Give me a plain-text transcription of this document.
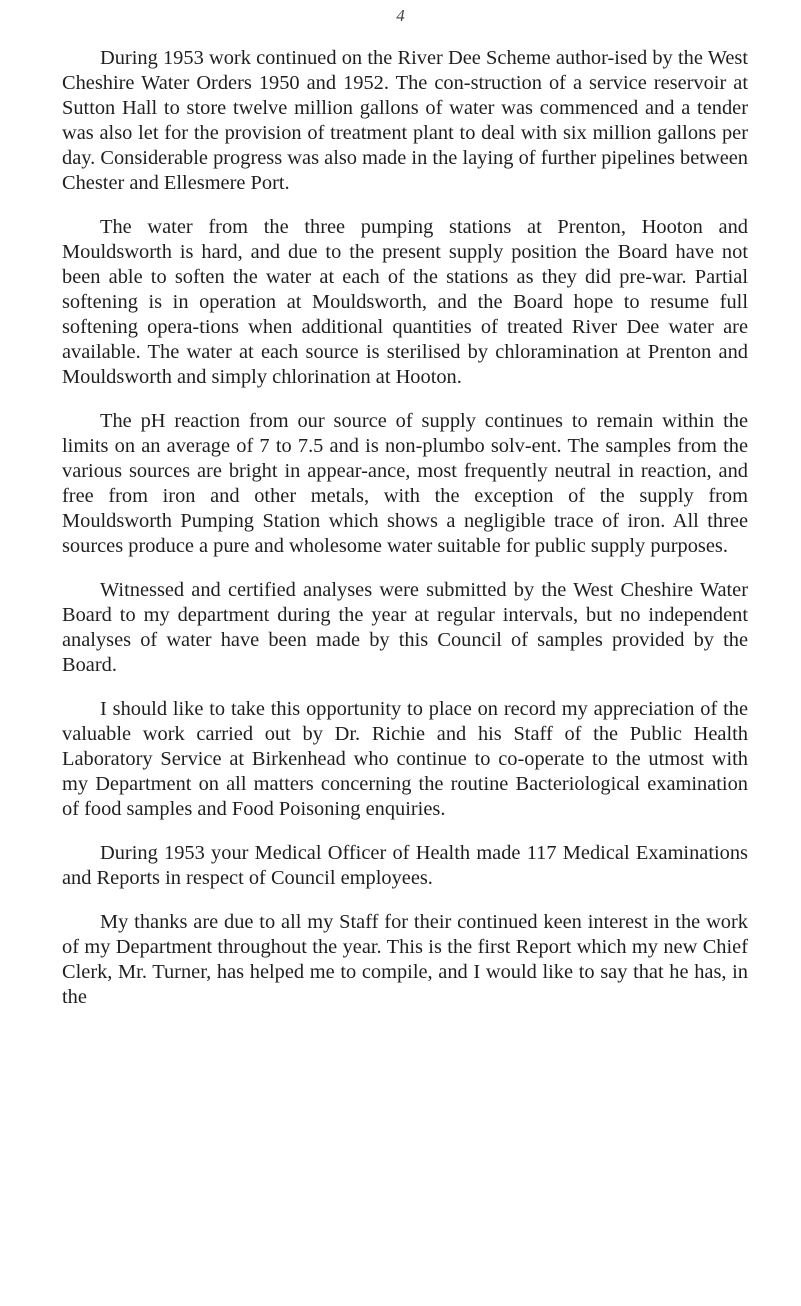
4

During 1953 work continued on the River Dee Scheme author-ised by the West Cheshire Water Orders 1950 and 1952. The con-struction of a service reservoir at Sutton Hall to store twelve million gallons of water was commenced and a tender was also let for the provision of treatment plant to deal with six million gallons per day. Considerable progress was also made in the laying of further pipelines between Chester and Ellesmere Port.

The water from the three pumping stations at Prenton, Hooton and Mouldsworth is hard, and due to the present supply position the Board have not been able to soften the water at each of the stations as they did pre-war. Partial softening is in operation at Mouldsworth, and the Board hope to resume full softening opera-tions when additional quantities of treated River Dee water are available. The water at each source is sterilised by chloramination at Prenton and Mouldsworth and simply chlorination at Hooton.

The pH reaction from our source of supply continues to remain within the limits on an average of 7 to 7.5 and is non-plumbo solv-ent. The samples from the various sources are bright in appear-ance, most frequently neutral in reaction, and free from iron and other metals, with the exception of the supply from Mouldsworth Pumping Station which shows a negligible trace of iron. All three sources produce a pure and wholesome water suitable for public supply purposes.

Witnessed and certified analyses were submitted by the West Cheshire Water Board to my department during the year at regular intervals, but no independent analyses of water have been made by this Council of samples provided by the Board.

I should like to take this opportunity to place on record my appreciation of the valuable work carried out by Dr. Richie and his Staff of the Public Health Laboratory Service at Birkenhead who continue to co-operate to the utmost with my Department on all matters concerning the routine Bacteriological examination of food samples and Food Poisoning enquiries.

During 1953 your Medical Officer of Health made 117 Medical Examinations and Reports in respect of Council employees.

My thanks are due to all my Staff for their continued keen interest in the work of my Department throughout the year. This is the first Report which my new Chief Clerk, Mr. Turner, has helped me to compile, and I would like to say that he has, in the
